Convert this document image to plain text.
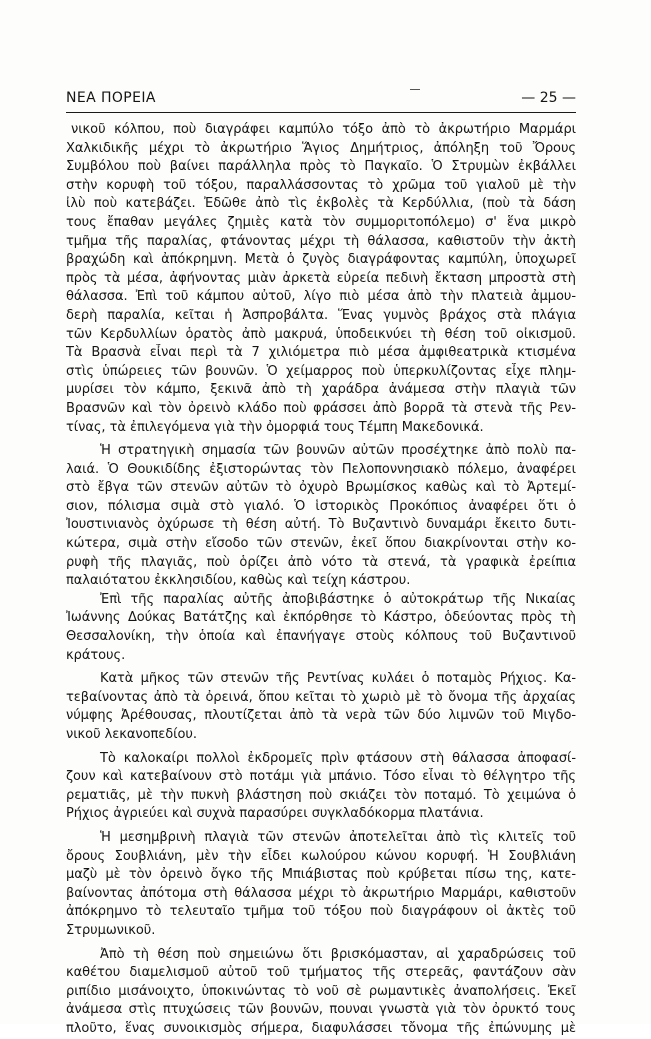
ΝΕΑ ΠΟΡΕΙΑ	— 25 —
νικοῦ κόλπου, ποὺ διαγράφει καμπύλο τόξο ἀπὸ τὸ ἀκρωτήριο Μαρμάρι
Χαλκιδικῆς μέχρι τὸ ἀκρωτήριο Ἅγιος Δημήτριος, ἀπόληξη τοῦ Ὄρους
Συμβόλου ποὺ βαίνει παράλληλα πρὸς τὸ Παγκαῖο. Ὁ Στρυμὼν ἐκβάλλει
στὴν κορυφὴ τοῦ τόξου, παραλλάσσοντας τὸ χρῶμα τοῦ γιαλοῦ μὲ τὴν
ἰλὺ ποὺ κατεβάζει. Ἐδῶθε ἀπὸ τὶς ἐκβολὲς τὰ Κερδύλλια, (ποὺ τὰ δάση
τους ἔπαθαν μεγάλες ζημιὲς κατὰ τὸν συμμοριτοπόλεμο) σ' ἕνα μικρὸ
τμῆμα τῆς παραλίας, φτάνοντας μέχρι τὴ θάλασσα, καθιστοῦν τὴν ἀκτὴ
βραχώδη καὶ ἀπόκρημνη. Μετὰ ὁ ζυγὸς διαγράφοντας καμπύλη, ὑποχωρεῖ
πρὸς τὰ μέσα, ἀφήνοντας μιὰν ἀρκετὰ εὐρεία πεδινὴ ἔκταση μπροστὰ στὴ
θάλασσα. Ἐπὶ τοῦ κάμπου αὐτοῦ, λίγο πιὸ μέσα ἀπὸ τὴν πλατειὰ ἀμμου-
δερὴ παραλία, κεῖται ἡ Ἀσπροβάλτα. Ἕνας γυμνὸς βράχος στὰ πλάγια
τῶν Κερδυλλίων ὁρατὸς ἀπὸ μακρυά, ὑποδεικνύει τὴ θέση τοῦ οἰκισμοῦ.
Τὰ Βρασνὰ εἶναι περὶ τὰ 7 χιλιόμετρα πιὸ μέσα ἀμφιθεατρικὰ κτισμένα
στὶς ὑπώρειες τῶν βουνῶν. Ὁ χείμαρρος ποὺ ὑπερκυλίζοντας εἶχε πλημ-
μυρίσει τὸν κάμπο, ξεκινᾶ ἀπὸ τὴ χαράδρα ἀνάμεσα στὴν πλαγιὰ τῶν
Βρασνῶν καὶ τὸν ὀρεινὸ κλάδο ποὺ φράσσει ἀπὸ βορρᾶ τὰ στενὰ τῆς Ρεν-
τίνας, τὰ ἐπιλεγόμενα γιὰ τὴν ὀμορφιά τους Τέμπη Μακεδονικά.
Ἡ στρατηγικὴ σημασία τῶν βουνῶν αὐτῶν προσέχτηκε ἀπὸ πολὺ πα-
λαιά. Ὁ Θουκιδίδης ἐξιστορώντας τὸν Πελοποννησιακὸ πόλεμο, ἀναφέρει
στὸ ἔβγα τῶν στενῶν αὐτῶν τὸ ὀχυρὸ Βρωμίσκος καθὼς καὶ τὸ Ἀρτεμί-
σιον, πόλισμα σιμὰ στὸ γιαλό. Ὁ ἱστορικὸς Προκόπιος ἀναφέρει ὅτι ὁ
Ἰουστινιανὸς ὀχύρωσε τὴ θέση αὐτή. Τὸ Βυζαντινὸ δυναμάρι ἔκειτο δυτι-
κώτερα, σιμὰ στὴν εἴσοδο τῶν στενῶν, ἐκεῖ ὅπου διακρίνονται στὴν κο-
ρυφὴ τῆς πλαγιᾶς, ποὺ ὁρίζει ἀπὸ νότο τὰ στενά, τὰ γραφικὰ ἐρείπια
παλαιότατου ἐκκλησιδίου, καθὼς καὶ τείχη κάστρου.
Ἐπὶ τῆς παραλίας αὐτῆς ἀποβιβάστηκε ὁ αὐτοκράτωρ τῆς Νικαίας
Ἰωάννης Δούκας Βατάτζης καὶ ἐκπόρθησε τὸ Κάστρο, ὁδεύοντας πρὸς τὴ
Θεσσαλονίκη, τὴν ὁποία καὶ ἐπανήγαγε στοὺς κόλπους τοῦ Βυζαντινοῦ
κράτους.
Κατὰ μῆκος τῶν στενῶν τῆς Ρεντίνας κυλάει ὁ ποταμὸς Ρήχιος. Κα-
τεβαίνοντας ἀπὸ τὰ ὀρεινά, ὅπου κεῖται τὸ χωριὸ μὲ τὸ ὄνομα τῆς ἀρχαίας
νύμφης Ἀρέθουσας, πλουτίζεται ἀπὸ τὰ νερὰ τῶν δύο λιμνῶν τοῦ Μιγδο-
νικοῦ λεκανοπεδίου.
Τὸ καλοκαίρι πολλοὶ ἐκδρομεῖς πρὶν φτάσουν στὴ θάλασσα ἀποφασί-
ζουν καὶ κατεβαίνουν στὸ ποτάμι γιὰ μπάνιο. Τόσο εἶναι τὸ θέλγητρο τῆς
ρεματιᾶς, μὲ τὴν πυκνὴ βλάστηση ποὺ σκιάζει τὸν ποταμό. Τὸ χειμώνα ὁ
Ρήχιος ἀγριεύει καὶ συχνὰ παρασύρει συγκλαδόκορμα πλατάνια.
Ἡ μεσημβρινὴ πλαγιὰ τῶν στενῶν ἀποτελεῖται ἀπὸ τὶς κλιτεῖς τοῦ
ὄρους Σουβλιάνη, μὲν τὴν εἶδει κωλούρου κώνου κορυφή. Ἡ Σουβλιάνη
μαζὺ μὲ τὸν ὀρεινὸ ὄγκο τῆς Μπιάβιστας ποὺ κρύβεται πίσω της, κατε-
βαίνοντας ἀπότομα στὴ θάλασσα μέχρι τὸ ἀκρωτήριο Μαρμάρι, καθιστοῦν
ἀπόκρημνο τὸ τελευταῖο τμῆμα τοῦ τόξου ποὺ διαγράφουν οἱ ἀκτὲς τοῦ
Στρυμωνικοῦ.
Ἀπὸ τὴ θέση ποὺ σημειώνω ὅτι βρισκόμασταν, αἱ χαραδρώσεις τοῦ
καθέτου διαμελισμοῦ αὐτοῦ τοῦ τμήματος τῆς στερεᾶς, φαντάζουν σὰν
ριπίδιο μισάνοιχτο, ὑποκινώντας τὸ νοῦ σὲ ρωμαντικὲς ἀναπολήσεις. Ἐκεῖ
ἀνάμεσα στὶς πτυχώσεις τῶν βουνῶν, πουναι γνωστὰ γιὰ τὸν ὀρυκτό τους
πλοῦτο, ἕνας συνοικισμὸς σήμερα, διαφυλάσσει τὄνομα τῆς ἐπώνυμης μὲ
